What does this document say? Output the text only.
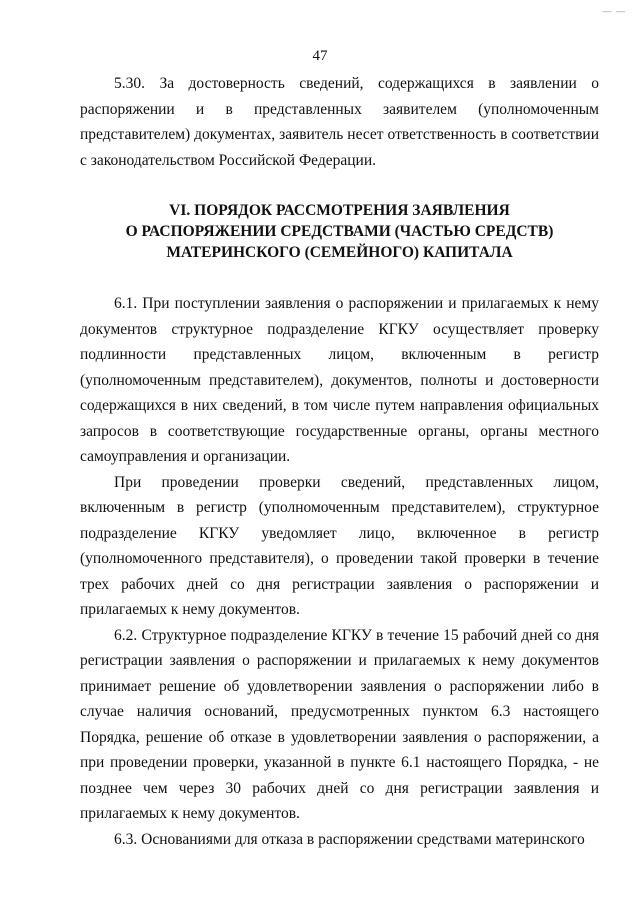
— —
47

5.30. За достоверность сведений, содержащихся в заявлении о распоряжении и в представленных заявителем (уполномоченным представителем) документах, заявитель несет ответственность в соответствии с законодательством Российской Федерации.

VI. ПОРЯДОК РАССМОТРЕНИЯ ЗАЯВЛЕНИЯ
О РАСПОРЯЖЕНИИ СРЕДСТВАМИ (ЧАСТЬЮ СРЕДСТВ)
МАТЕРИНСКОГО (СЕМЕЙНОГО) КАПИТАЛА

6.1. При поступлении заявления о распоряжении и прилагаемых к нему документов структурное подразделение КГКУ осуществляет проверку подлинности представленных лицом, включенным в регистр (уполномоченным представителем), документов, полноты и достоверности содержащихся в них сведений, в том числе путем направления официальных запросов в соответствующие государственные органы, органы местного самоуправления и организации.

При проведении проверки сведений, представленных лицом, включенным в регистр (уполномоченным представителем), структурное подразделение КГКУ уведомляет лицо, включенное в регистр (уполномоченного представителя), о проведении такой проверки в течение трех рабочих дней со дня регистрации заявления о распоряжении и прилагаемых к нему документов.

6.2. Структурное подразделение КГКУ в течение 15 рабочий дней со дня регистрации заявления о распоряжении и прилагаемых к нему документов принимает решение об удовлетворении заявления о распоряжении либо в случае наличия оснований, предусмотренных пунктом 6.3 настоящего Порядка, решение об отказе в удовлетворении заявления о распоряжении, а при проведении проверки, указанной в пункте 6.1 настоящего Порядка, - не позднее чем через 30 рабочих дней со дня регистрации заявления и прилагаемых к нему документов.

6.3. Основаниями для отказа в распоряжении средствами материнского
